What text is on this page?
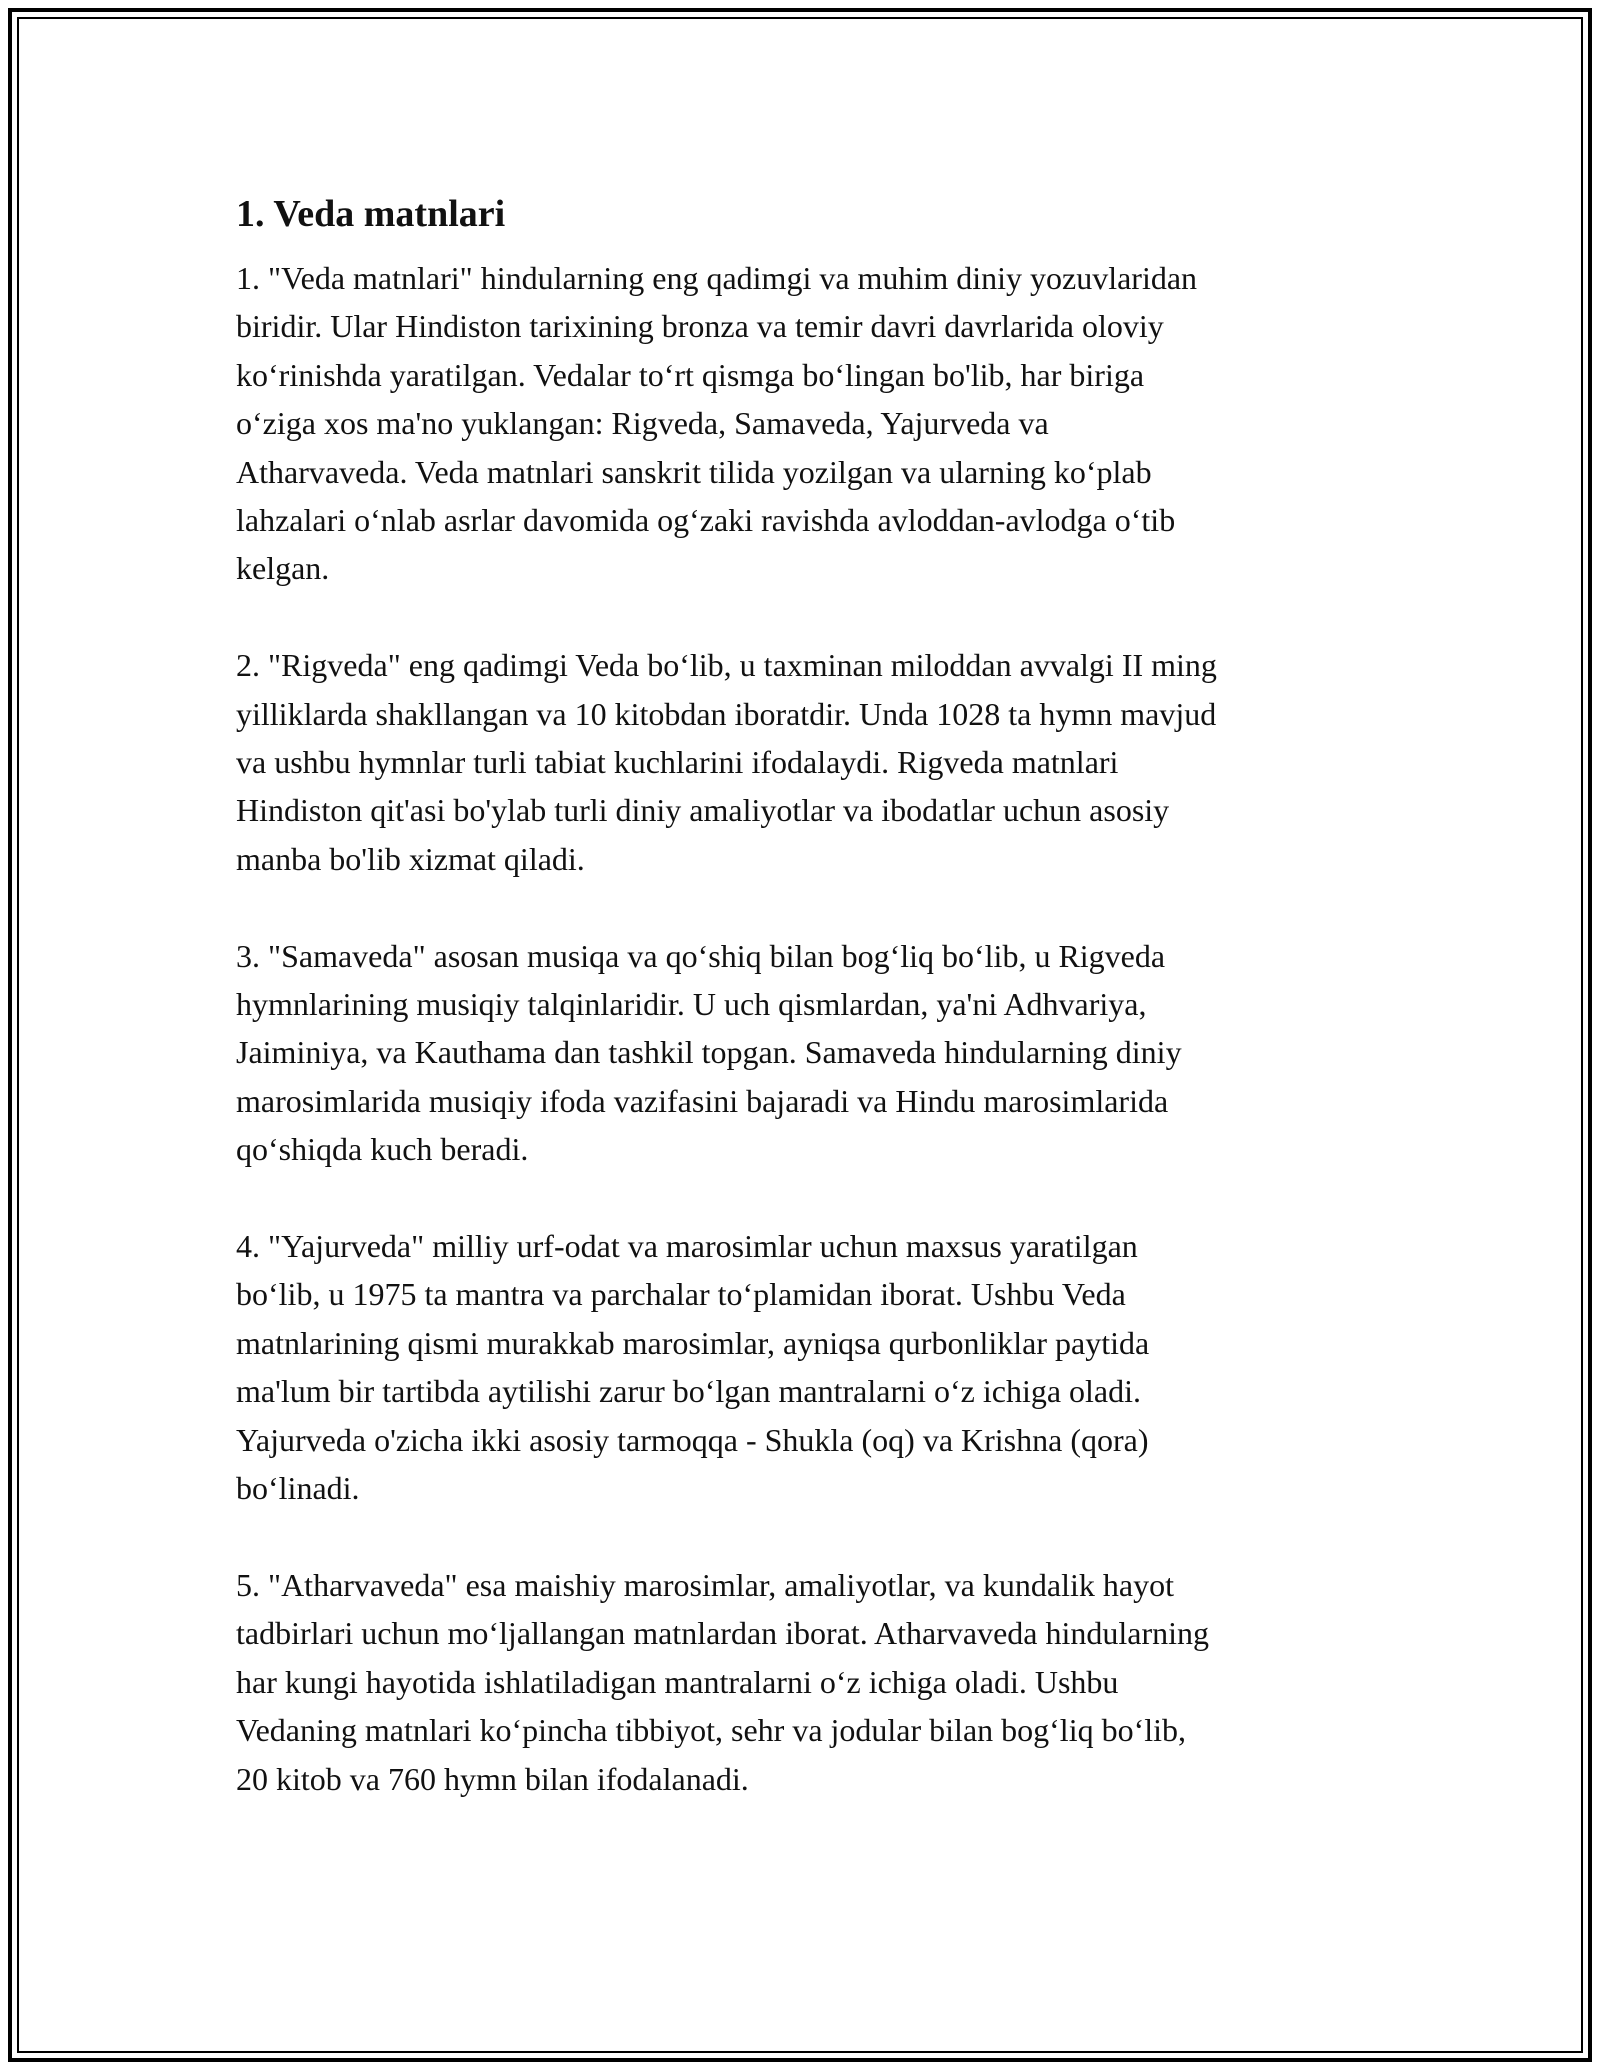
1. Veda matnlari

1. "Veda matnlari" hindularning eng qadimgi va muhim diniy yozuvlaridan
biridir. Ular Hindiston tarixining bronza va temir davri davrlarida oloviy
ko‘rinishda yaratilgan. Vedalar to‘rt qismga bo‘lingan bo'lib, har biriga
o‘ziga xos ma'no yuklangan: Rigveda, Samaveda, Yajurveda va
Atharvaveda. Veda matnlari sanskrit tilida yozilgan va ularning ko‘plab
lahzalari o‘nlab asrlar davomida og‘zaki ravishda avloddan-avlodga o‘tib
kelgan.

2. "Rigveda" eng qadimgi Veda bo‘lib, u taxminan miloddan avvalgi II ming
yilliklarda shakllangan va 10 kitobdan iboratdir. Unda 1028 ta hymn mavjud
va ushbu hymnlar turli tabiat kuchlarini ifodalaydi. Rigveda matnlari
Hindiston qit'asi bo'ylab turli diniy amaliyotlar va ibodatlar uchun asosiy
manba bo'lib xizmat qiladi.

3. "Samaveda" asosan musiqa va qo‘shiq bilan bog‘liq bo‘lib, u Rigveda
hymnlarining musiqiy talqinlaridir. U uch qismlardan, ya'ni Adhvariya,
Jaiminiya, va Kauthama dan tashkil topgan. Samaveda hindularning diniy
marosimlarida musiqiy ifoda vazifasini bajaradi va Hindu marosimlarida
qo‘shiqda kuch beradi.

4. "Yajurveda" milliy urf-odat va marosimlar uchun maxsus yaratilgan
bo‘lib, u 1975 ta mantra va parchalar to‘plamidan iborat. Ushbu Veda
matnlarining qismi murakkab marosimlar, ayniqsa qurbonliklar paytida
ma'lum bir tartibda aytilishi zarur bo‘lgan mantralarni o‘z ichiga oladi.
Yajurveda o'zicha ikki asosiy tarmoqqa - Shukla (oq) va Krishna (qora)
bo‘linadi.

5. "Atharvaveda" esa maishiy marosimlar, amaliyotlar, va kundalik hayot
tadbirlari uchun mo‘ljallangan matnlardan iborat. Atharvaveda hindularning
har kungi hayotida ishlatiladigan mantralarni o‘z ichiga oladi. Ushbu
Vedaning matnlari ko‘pincha tibbiyot, sehr va jodular bilan bog‘liq bo‘lib,
20 kitob va 760 hymn bilan ifodalanadi.
